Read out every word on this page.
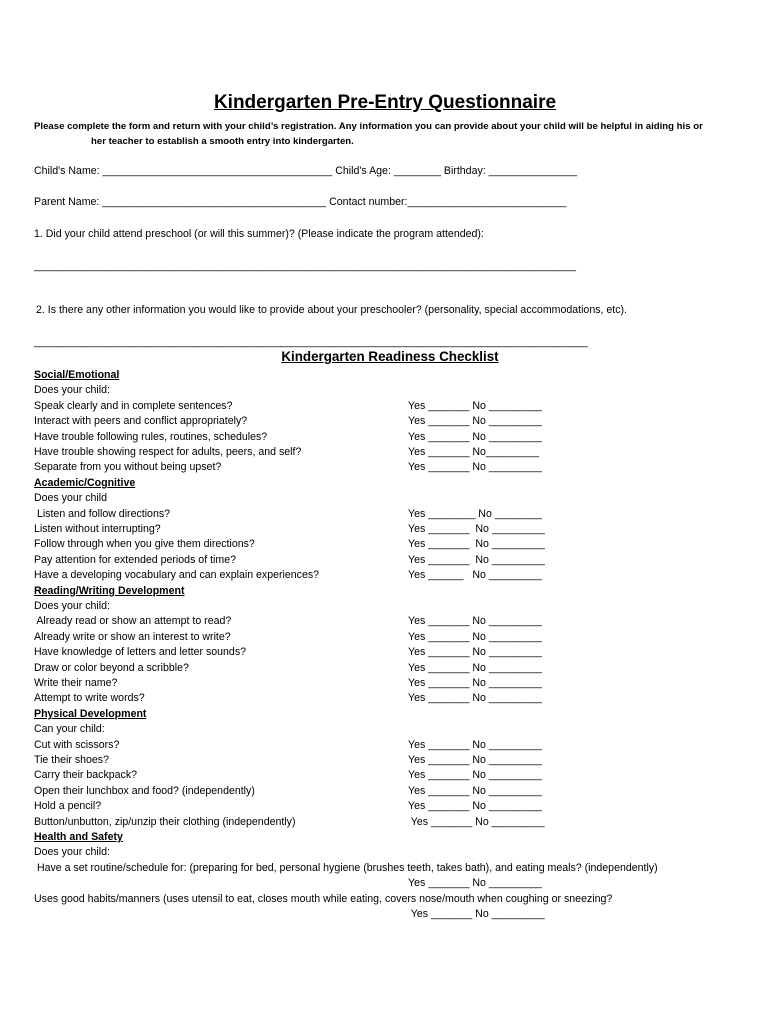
Kindergarten Pre-Entry Questionnaire
Please complete the form and return with your child’s registration. Any information you can provide about your child will be helpful in aiding his or
her teacher to establish a smooth entry into kindergarten.
Child's Name: _______________________________________ Child's Age: ________ Birthday: _______________
Parent Name: ______________________________________ Contact number:___________________________
1. Did your child attend preschool (or will this summer)? (Please indicate the program attended):
____________________________________________________________________________________________
2. Is there any other information you would like to provide about your preschooler? (personality, special accommodations, etc).
______________________________________________________________________________________________
Kindergarten Readiness Checklist
Social/Emotional
Does your child:
Speak clearly and in complete sentences?	Yes _______ No _________
Interact with peers and conflict appropriately?	Yes _______ No _________
Have trouble following rules, routines, schedules?	Yes _______ No _________
Have trouble showing respect for adults, peers, and self?	Yes _______ No_________
Separate from you without being upset?	Yes _______ No _________
Academic/Cognitive
Does your child
Listen and follow directions?	Yes ________ No ________
Listen without interrupting?	Yes _______  No _________
Follow through when you give them directions?	Yes _______  No _________
Pay attention for extended periods of time?	Yes _______  No _________
Have a developing vocabulary and can explain experiences?	Yes ______   No _________
Reading/Writing Development
Does your child:
Already read or show an attempt to read?	Yes _______ No _________
Already write or show an interest to write?	Yes _______ No _________
Have knowledge of letters and letter sounds?	Yes _______ No _________
Draw or color beyond a scribble?	Yes _______ No _________
Write their name?	Yes _______ No _________
Attempt to write words?	Yes _______ No _________
Physical Development
Can your child:
Cut with scissors?	Yes _______ No _________
Tie their shoes?	Yes _______ No _________
Carry their backpack?	Yes _______ No _________
Open their lunchbox and food? (independently)	Yes _______ No _________
Hold a pencil?	Yes _______ No _________
Button/unbutton, zip/unzip their clothing (independently)	Yes _______ No _________
Health and Safety
Does your child:
Have a set routine/schedule for: (preparing for bed, personal hygiene (brushes teeth, takes bath), and eating meals? (independently)
Yes _______ No _________
Uses good habits/manners (uses utensil to eat, closes mouth while eating, covers nose/mouth when coughing or sneezing?
Yes _______ No _________
